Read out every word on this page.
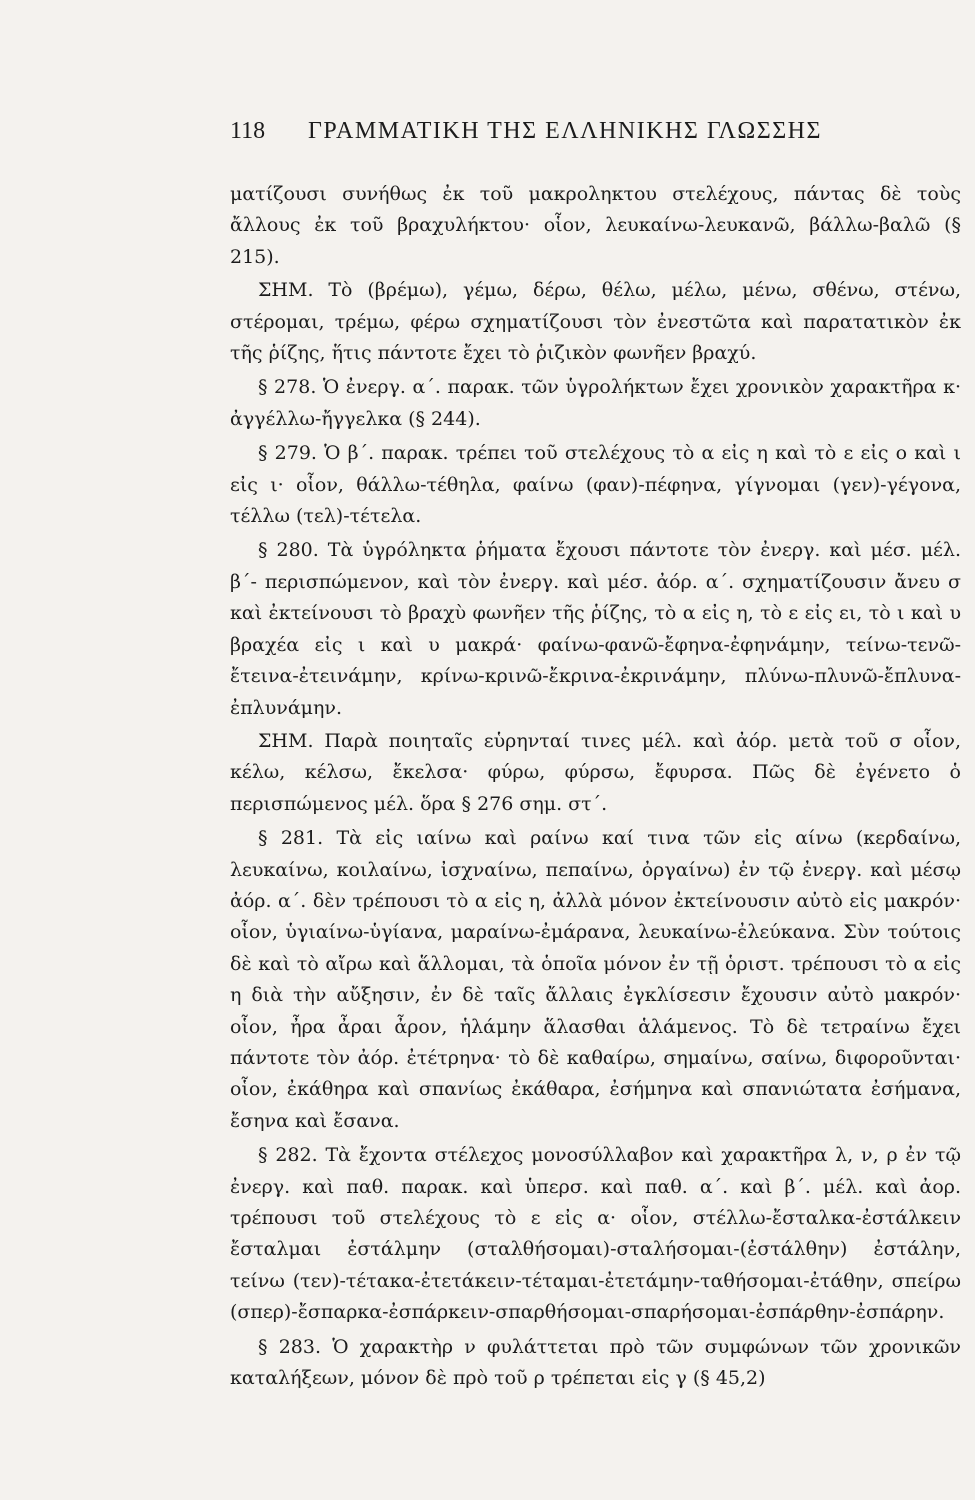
118	ΓΡΑΜΜΑΤΙΚΗ ΤΗΣ ΕΛΛΗΝΙΚΗΣ ΓΛΩΣΣΗΣ

ματίζουσι συνήθως ἐκ τοῦ μακροληκτου στελέχους, πάντας δὲ τοὺς ἄλλους ἐκ τοῦ βραχυλήκτου· οἷον, λευκαίνω-λευκανῶ, βάλλω-βαλῶ (§ 215).

ΣΗΜ. Τὸ (βρέμω), γέμω, δέρω, θέλω, μέλω, μένω, σθένω, στένω, στέρομαι, τρέμω, φέρω σχηματίζουσι τὸν ἐνεστῶτα καὶ παρατατικὸν ἐκ τῆς ῥίζης, ἥτις πάντοτε ἔχει τὸ ῥιζικὸν φωνῆεν βραχύ.

§ 278. Ὁ ἐνεργ. α΄. παρακ. τῶν ὑγρολήκτων ἔχει χρονικὸν χαρακτῆρα κ· ἀγγέλλω-ἤγγελκα (§ 244).

§ 279. Ὁ β΄. παρακ. τρέπει τοῦ στελέχους τὸ α εἰς η καὶ τὸ ε εἰς ο καὶ ι εἰς ι· οἷον, θάλλω-τέθηλα, φαίνω (φαν)-πέφηνα, γίγνομαι (γεν)-γέγονα, τέλλω (τελ)-τέτελα.

§ 280. Τὰ ὑγρόληκτα ῥήματα ἔχουσι πάντοτε τὸν ἐνεργ. καὶ μέσ. μέλ. β΄- περισπώμενον, καὶ τὸν ἐνεργ. καὶ μέσ. ἀόρ. α΄. σχηματίζουσιν ἄνευ σ καὶ ἐκτείνουσι τὸ βραχὺ φωνῆεν τῆς ῥίζης, τὸ α εἰς η, τὸ ε εἰς ει, τὸ ι καὶ υ βραχέα εἰς ι καὶ υ μακρά· φαίνω-φανῶ-ἔφηνα-ἐφηνάμην, τείνω-τενῶ-ἔτεινα-ἐτεινάμην, κρίνω-κρινῶ-ἔκρινα-ἐκρινάμην, πλύνω-πλυνῶ-ἔπλυνα-ἐπλυνάμην.

ΣΗΜ. Παρὰ ποιηταῖς εὑρηνταί τινες μέλ. καὶ ἀόρ. μετὰ τοῦ σ οἷον, κέλω, κέλσω, ἔκελσα· φύρω, φύρσω, ἔφυρσα. Πῶς δὲ ἐγένετο ὁ περισπώμενος μέλ. ὅρα § 276 σημ. στ΄.

§ 281. Τὰ εἰς ιαίνω καὶ ραίνω καί τινα τῶν εἰς αίνω (κερδαίνω, λευκαίνω, κοιλαίνω, ἰσχναίνω, πεπαίνω, ὀργαίνω) ἐν τῷ ἐνεργ. καὶ μέσῳ ἀόρ. α΄. δὲν τρέπουσι τὸ α εἰς η, ἀλλὰ μόνον ἐκτείνουσιν αὐτὸ εἰς μακρόν· οἷον, ὑγιαίνω-ὑγίανα, μαραίνω-ἐμάρανα, λευκαίνω-ἐλεύκανα. Σὺν τούτοις δὲ καὶ τὸ αἴρω καὶ ἅλλομαι, τὰ ὁποῖα μόνον ἐν τῇ ὁριστ. τρέπουσι τὸ α εἰς η διὰ τὴν αὔξησιν, ἐν δὲ ταῖς ἄλλαις ἐγκλίσεσιν ἔχουσιν αὐτὸ μακρόν· οἷον, ἦρα ἆραι ἆρον, ἡλάμην ἅλασθαι ἁλάμενος. Τὸ δὲ τετραίνω ἔχει πάντοτε τὸν ἀόρ. ἐτέτρηνα· τὸ δὲ καθαίρω, σημαίνω, σαίνω, διφοροῦνται· οἷον, ἐκάθηρα καὶ σπανίως ἐκάθαρα, ἐσήμηνα καὶ σπανιώτατα ἐσήμανα, ἔσηνα καὶ ἔσανα.

§ 282. Τὰ ἔχοντα στέλεχος μονοσύλλαβον καὶ χαρακτῆρα λ, ν, ρ ἐν τῷ ἐνεργ. καὶ παθ. παρακ. καὶ ὑπερσ. καὶ παθ. α΄. καὶ β΄. μέλ. καὶ ἀορ. τρέπουσι τοῦ στελέχους τὸ ε εἰς α· οἷον, στέλλω-ἔσταλκα-ἐστάλκειν ἔσταλμαι ἐστάλμην (σταλθήσομαι)-σταλήσομαι-(ἐστάλθην) ἐστάλην, τείνω (τεν)-τέτακα-ἐτετάκειν-τέταμαι-ἐτετάμην-ταθήσομαι-ἐτάθην, σπείρω (σπερ)-ἔσπαρκα-ἐσπάρκειν-σπαρθήσομαι-σπαρήσομαι-ἐσπάρθην-ἐσπάρην.

§ 283. Ὁ χαρακτὴρ ν φυλάττεται πρὸ τῶν συμφώνων τῶν χρονικῶν καταλήξεων, μόνον δὲ πρὸ τοῦ ρ τρέπεται εἰς γ (§ 45,2)
